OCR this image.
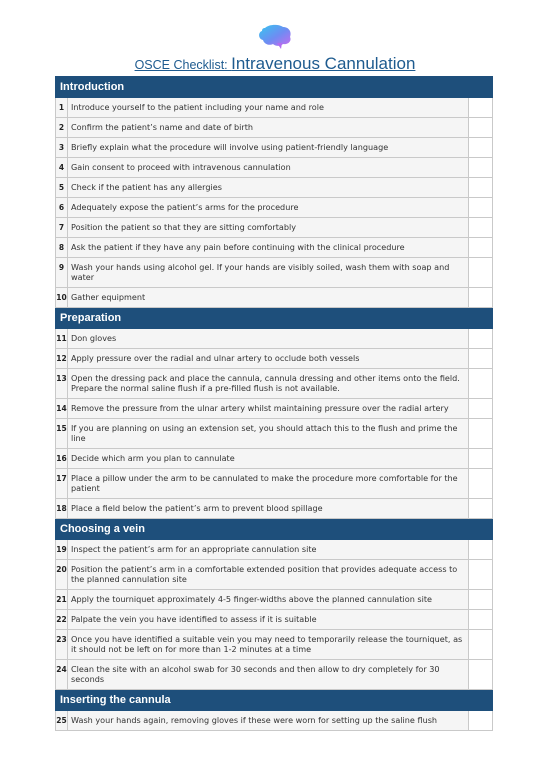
OSCE Checklist: Intravenous Cannulation
Introduction		
1	Introduce yourself to the patient including your name and role	
2	Confirm the patient’s name and date of birth	
3	Briefly explain what the procedure will involve using patient-friendly language	
4	Gain consent to proceed with intravenous cannulation	
5	Check if the patient has any allergies	
6	Adequately expose the patient’s arms for the procedure	
7	Position the patient so that they are sitting comfortably	
8	Ask the patient if they have any pain before continuing with the clinical procedure	
9	Wash your hands using alcohol gel. If your hands are visibly soiled, wash them with soap and water	
10	Gather equipment	
Preparation		
11	Don gloves	
12	Apply pressure over the radial and ulnar artery to occlude both vessels	
13	Open the dressing pack and place the cannula, cannula dressing and other items onto the field. Prepare the normal saline flush if a pre-filled flush is not available.	
14	Remove the pressure from the ulnar artery whilst maintaining pressure over the radial artery	
15	If you are planning on using an extension set, you should attach this to the flush and prime the line	
16	Decide which arm you plan to cannulate	
17	Place a pillow under the arm to be cannulated to make the procedure more comfortable for the patient	
18	Place a field below the patient’s arm to prevent blood spillage	
Choosing a vein		
19	Inspect the patient’s arm for an appropriate cannulation site	
20	Position the patient’s arm in a comfortable extended position that provides adequate access to the planned cannulation site	
21	Apply the tourniquet approximately 4-5 finger-widths above the planned cannulation site	
22	Palpate the vein you have identified to assess if it is suitable	
23	Once you have identified a suitable vein you may need to temporarily release the tourniquet, as it should not be left on for more than 1-2 minutes at a time	
24	Clean the site with an alcohol swab for 30 seconds and then allow to dry completely for 30 seconds	
Inserting the cannula		
25	Wash your hands again, removing gloves if these were worn for setting up the saline flush	
